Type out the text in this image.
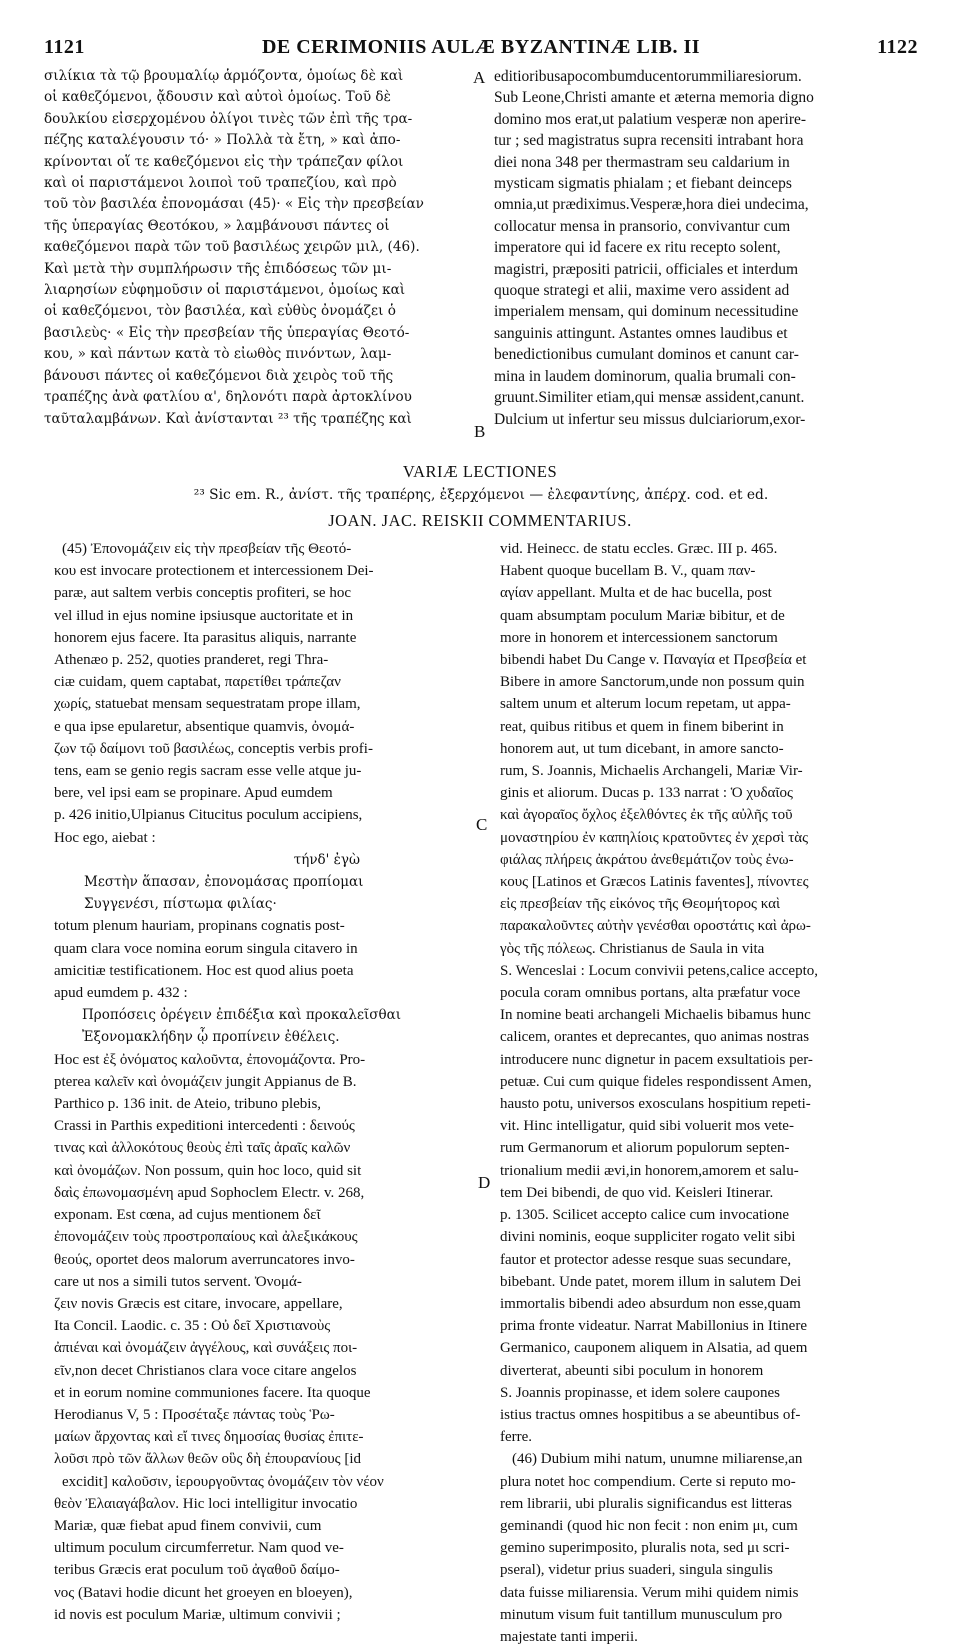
1121	DE CERIMONIIS AULÆ BYZANTINÆ LIB. II	1122
σιλίκια τὰ τῷ βρουμαλίῳ ἁρμόζοντα, ὁμοίως δὲ καὶ
οἱ καθεζόμενοι, ᾄδουσιν καὶ αὐτοὶ ὁμοίως. Τοῦ δὲ
δουλκίου εἰσερχομένου ὀλίγοι τινὲς τῶν ἐπὶ τῆς τρα-
πέζης καταλέγουσιν τό· » Πολλὰ τὰ ἔτη, » καὶ ἀπο-
κρίνονται οἵ τε καθεζόμενοι εἰς τὴν τράπεζαν φίλοι
καὶ οἱ παριστάμενοι λοιποὶ τοῦ τραπεζίου, καὶ πρὸ
τοῦ τὸν βασιλέα ἐπονομάσαι (45)· « Εἰς τὴν πρεσβείαν
τῆς ὑπεραγίας Θεοτόκου, » λαμβάνουσι πάντες οἱ
καθεζόμενοι παρὰ τῶν τοῦ βασιλέως χειρῶν μιλ, (46).
Καὶ μετὰ τὴν συμπλήρωσιν τῆς ἐπιδόσεως τῶν μι-
λιαρησίων εὐφημοῦσιν οἱ παριστάμενοι, ὁμοίως καὶ
οἱ καθεζόμενοι, τὸν βασιλέα, καὶ εὐθὺς ὀνομάζει ὁ
βασιλεὺς· « Εἰς τὴν πρεσβείαν τῆς ὑπεραγίας Θεοτό-
κου, » καὶ πάντων κατὰ τὸ εἰωθὸς πινόντων, λαμ-
βάνουσι πάντες οἱ καθεζόμενοι διὰ χειρὸς τοῦ τῆς
τραπέζης ἀνὰ φατλίου α', δηλονότι παρὰ ἀρτοκλίνου
ταῦταλαμβάνων. Καὶ ἀνίστανται ²³ τῆς τραπέζης καὶ
editioribusapocombumducentorummiliaresiorum.
Sub Leone,Christi amante et æterna memoria digno
domino mos erat,ut palatium vesperæ non aperire-
tur ; sed magistratus supra recensiti intrabant hora
diei nona 348 per thermastram seu caldarium in
mysticam sigmatis phialam ; et fiebant deinceps
omnia,ut prædiximus.Vesperæ,hora diei undecima,
collocatur mensa in pransorio, convivantur cum
imperatore qui id facere ex ritu recepto solent,
magistri, præpositi patricii, officiales et interdum
quoque strategi et alii, maxime vero assident ad
imperialem mensam, qui dominum necessitudine
sanguinis attingunt. Astantes omnes laudibus et
benedictionibus cumulant dominos et canunt car-
mina in laudem dominorum, qualia brumali con-
gruunt.Similiter etiam,qui mensæ assident,canunt.
Dulcium ut infertur seu missus dulciariorum,exor-
A
B
C
D
VARIÆ LECTIONES
²³ Sic em. R., ἀνίστ. τῆς τραπέρης, ἐξερχόμενοι — ἐλεφαντίνης, ἀπέρχ. cod. et ed.
JOAN. JAC. REISKII COMMENTARIUS.
(45) Ἐπονομάζειν εἰς τὴν πρεσβείαν τῆς Θεοτό-
κου est invocare protectionem et intercessionem Dei-
paræ, aut saltem verbis conceptis profiteri, se hoc
vel illud in ejus nomine ipsiusque auctoritate et in
honorem ejus facere. Ita parasitus aliquis, narrante
Athenæo p. 252, quoties pranderet, regi Thra-
ciæ cuidam, quem captabat, παρετίθει τράπεζαν
χωρίς, statuebat mensam sequestratam prope illam,
e qua ipse epularetur, absentique quamvis, ὀνομά-
ζων τῷ δαίμονι τοῦ βασιλέως, conceptis verbis profi-
tens, eam se genio regis sacram esse velle atque ju-
bere, vel ipsi eam se propinare. Apud eumdem
p. 426 initio,Ulpianus Citucitus poculum accipiens,
Hoc ego, aiebat :
τήνδ' ἐγὼ
Μεστὴν ἅπασαν, ἐπονομάσας προπίομαι
Συγγενέσι, πίστωμα φιλίας·
totum plenum hauriam, propinans cognatis post-
quam clara voce nomina eorum singula citavero in
amicitiæ testificationem. Hoc est quod alius poeta
apud eumdem p. 432 :
Προπόσεις ὀρέγειν ἐπιδέξια καὶ προκαλεῖσθαι
Ἐξονομακλήδην ᾧ προπίνειν ἐθέλεις.
Hoc est ἐξ ὀνόματος καλοῦντα, ἐπονομάζοντα. Pro-
pterea καλεῖν καὶ ὀνομάζειν jungit Appianus de B.
Parthico p. 136 init. de Ateio, tribuno plebis,
Crassi in Parthis expeditioni intercedenti : δεινούς
τινας καὶ ἀλλοκότους θεοὺς ἐπὶ ταῖς ἀραῖς καλῶν
καὶ ὀνομάζων. Non possum, quin hoc loco, quid sit
δαὶς ἐπωνομασμένη apud Sophoclem Electr. v. 268,
exponam. Est cœna, ad cujus mentionem δεῖ
ἐπονομάζειν τοὺς προστροπαίους καὶ ἀλεξικάκους
θεούς, oportet deos malorum averruncatores invo-
care ut nos a simili tutos servent. Ὀνομά-
ζειν novis Græcis est citare, invocare, appellare,
Ita Concil. Laodic. c. 35 : Οὐ δεῖ Χριστιανοὺς
ἀπιέναι καὶ ὀνομάζειν ἀγγέλους, καὶ συνάξεις ποι-
εῖν,non decet Christianos clara voce citare angelos
et in eorum nomine communiones facere. Ita quoque
Herodianus V, 5 : Προσέταξε πάντας τοὺς Ῥω-
μαίων ἄρχοντας καὶ εἴ τινες δημοσίας θυσίας ἐπιτε-
λοῦσι πρὸ τῶν ἄλλων θεῶν οὓς δὴ ἐπουρανίους [id
excidit] καλοῦσιν, ἱερουργοῦντας ὀνομάζειν τὸν νέον
θεὸν Ἐλαιαγάβαλον. Hic loci intelligitur invocatio
Mariæ, quæ fiebat apud finem convivii, cum
ultimum poculum circumferretur. Nam quod ve-
teribus Græcis erat poculum τοῦ ἀγαθοῦ δαίμο-
νος (Batavi hodie dicunt het groeyen en bloeyen),
id novis est poculum Mariæ, ultimum convivii ;
vid. Heinecc. de statu eccles. Græc. III p. 465.
Habent quoque bucellam B. V., quam παν-
αγίαν appellant. Multa et de hac bucella, post
quam absumptam poculum Mariæ bibitur, et de
more in honorem et intercessionem sanctorum
bibendi habet Du Cange v. Παναγία et Πρεσβεία et
Bibere in amore Sanctorum,unde non possum quin
saltem unum et alterum locum repetam, ut appa-
reat, quibus ritibus et quem in finem biberint in
honorem aut, ut tum dicebant, in amore sancto-
rum, S. Joannis, Michaelis Archangeli, Mariæ Vir-
ginis et aliorum. Ducas p. 133 narrat : Ὁ χυδαῖος
καὶ ἀγοραῖος ὄχλος ἐξελθόντες ἐκ τῆς αὐλῆς τοῦ
μοναστηρίου ἐν καπηλίοις κρατοῦντες ἐν χερσὶ τὰς
φιάλας πλήρεις ἀκράτου ἀνεθεμάτιζον τοὺς ἐνω-
κους [Latinos et Græcos Latinis faventes], πίνοντες
εἰς πρεσβείαν τῆς εἰκόνος τῆς Θεομήτορος καὶ
παρακαλοῦντες αὐτὴν γενέσθαι οροστάτις καὶ ἀρω-
γὸς τῆς πόλεως. Christianus de Saula in vita
S. Wenceslai : Locum convivii petens,calice accepto,
pocula coram omnibus portans, alta præfatur voce
In nomine beati archangeli Michaelis bibamus hunc
calicem, orantes et deprecantes, quo animas nostras
introducere nunc dignetur in pacem exsultatiois per-
petuæ. Cui cum quique fideles respondissent Amen,
hausto potu, universos exosculans hospitium repeti-
vit. Hinc intelligatur, quid sibi voluerit mos vete-
rum Germanorum et aliorum populorum septen-
trionalium medii ævi,in honorem,amorem et salu-
tem Dei bibendi, de quo vid. Keisleri Itinerar.
p. 1305. Scilicet accepto calice cum invocatione
divini nominis, eoque suppliciter rogato velit sibi
fautor et protector adesse resque suas secundare,
bibebant. Unde patet, morem illum in salutem Dei
immortalis bibendi adeo absurdum non esse,quam
prima fronte videatur. Narrat Mabillonius in Itinere
Germanico, cauponem aliquem in Alsatia, ad quem
diverterat, abeunti sibi poculum in honorem
S. Joannis propinasse, et idem solere caupones
istius tractus omnes hospitibus a se abeuntibus of-
ferre.
(46) Dubium mihi natum, unumne miliarense,an
plura notet hoc compendium. Certe si reputo mo-
rem librarii, ubi pluralis significandus est litteras
geminandi (quod hic non fecit : non enim μι, cum
gemino superimposito, pluralis nota, sed μι scri-
pseral), videtur prius suaderi, singula singulis
data fuisse miliarensia. Verum mihi quidem nimis
minutum visum fuit tantillum munusculum pro
majestate tanti imperii.
